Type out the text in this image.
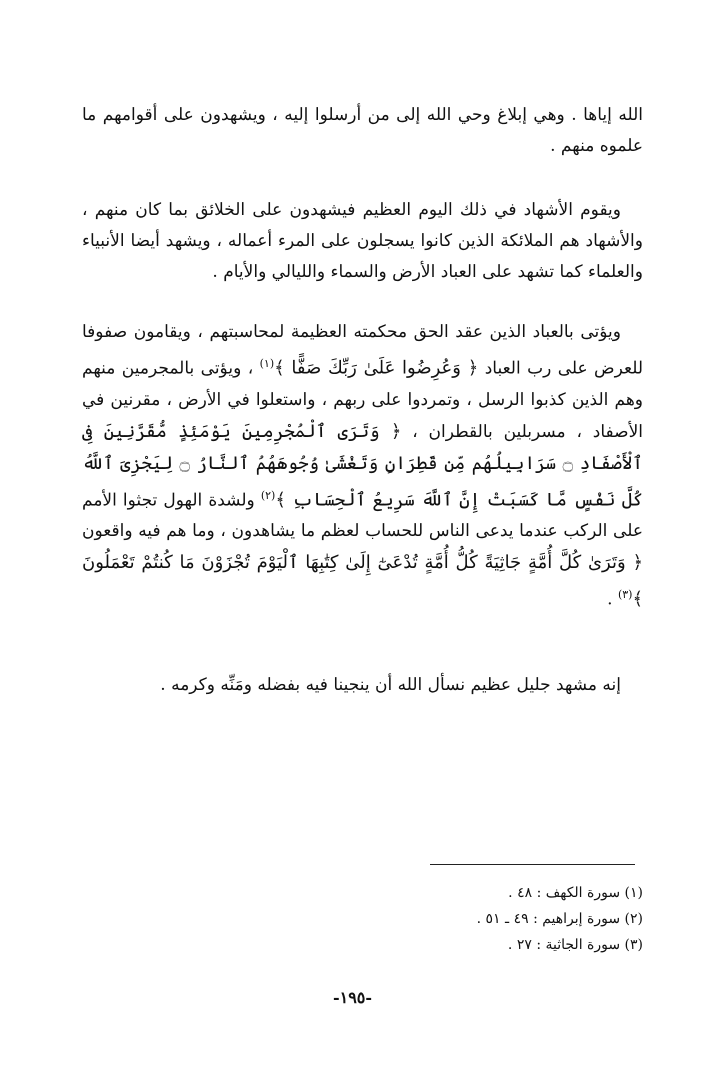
الله إياها . وهي إبلاغ وحي الله إلى من أرسلوا إليه ، ويشهدون على أقوامهم ما علموه منهم .

ويقوم الأشهاد في ذلك اليوم العظيم فيشهدون على الخلائق بما كان منهم ، والأشهاد هم الملائكة الذين كانوا يسجلون على المرء أعماله ، ويشهد أيضا الأنبياء والعلماء كما تشهد على العباد الأرض والسماء والليالي والأيام .

ويؤتى بالعباد الذين عقد الحق محكمته العظيمة لمحاسبتهم ، ويقامون صفوفا للعرض على رب العباد ﴿ وَعُرِضُوا عَلَىٰ رَبِّكَ صَفًّا ﴾$^{(١)}$ ، ويؤتى بالمجرمين منهم وهم الذين كذبوا الرسل ، وتمردوا على ربهم ، واستعلوا في الأرض ، مقرنين في الأصفاد ، مسربلين بالقطران ، ﴿ وَتَرَى ٱلْمُجْرِمِينَ يَوْمَئِذٍ مُّقَرَّنِينَ فِى ٱلْأَصْفَادِ ۝ سَرَابِيلُهُم مِّن قَطِرَانٍ وَتَغْشَىٰ وُجُوهَهُمُ ٱلنَّارُ ۝ لِيَجْزِىَ ٱللَّهُ كُلَّ نَفْسٍ مَّا كَسَبَتْ إِنَّ ٱللَّهَ سَرِيعُ ٱلْحِسَابِ ﴾$^{(٢)}$ ولشدة الهول تجثوا الأمم على الركب عندما يدعى الناس للحساب لعظم ما يشاهدون ، وما هم فيه واقعون ﴿ وَتَرَىٰ كُلَّ أُمَّةٍ جَاثِيَةً كُلُّ أُمَّةٍ تُدْعَىٰٓ إِلَىٰ كِتَٰبِهَا ٱلْيَوْمَ تُجْزَوْنَ مَا كُنتُمْ تَعْمَلُونَ ﴾$^{(٣)}$ .

إنه مشهد جليل عظيم نسأل الله أن ينجينا فيه بفضله ومَنِّه وكرمه .

(١) سورة الكهف : ٤٨ .
(٢) سورة إبراهيم : ٤٩ ـ ٥١ .
(٣) سورة الجاثية : ٢٧ .
-١٩٥-
